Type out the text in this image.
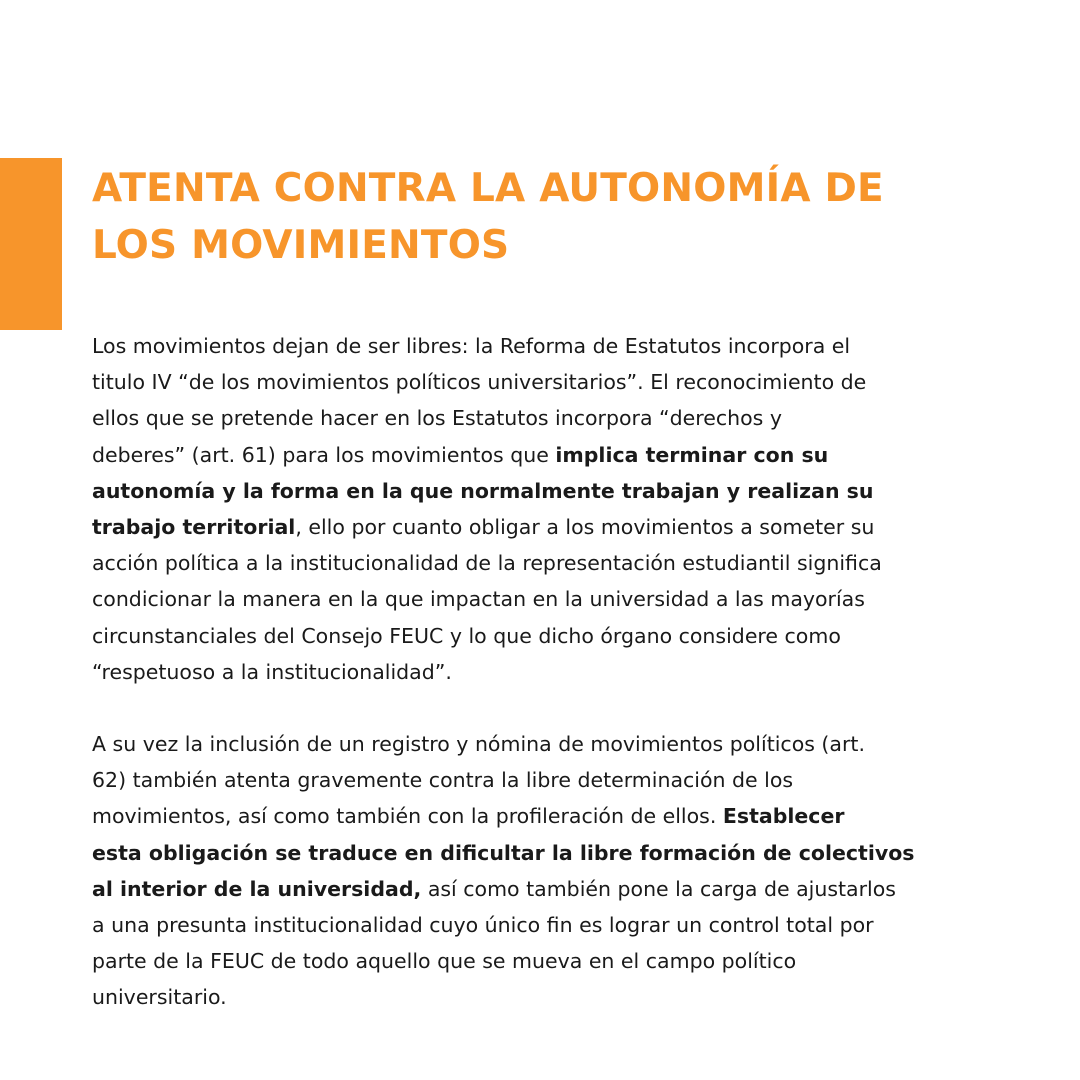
ATENTA CONTRA LA AUTONOMÍA DE
LOS MOVIMIENTOS

Los movimientos dejan de ser libres: la Reforma de Estatutos incorpora el
titulo IV “de los movimientos políticos universitarios”. El reconocimiento de
ellos que se pretende hacer en los Estatutos incorpora “derechos y
deberes” (art. 61) para los movimientos que implica terminar con su
autonomía y la forma en la que normalmente trabajan y realizan su
trabajo territorial, ello por cuanto obligar a los movimientos a someter su
acción política a la institucionalidad de la representación estudiantil significa
condicionar la manera en la que impactan en la universidad a las mayorías
circunstanciales del Consejo FEUC y lo que dicho órgano considere como
“respetuoso a la institucionalidad”.

A su vez la inclusión de un registro y nómina de movimientos políticos (art.
62) también atenta gravemente contra la libre determinación de los
movimientos, así como también con la profileración de ellos. Establecer
esta obligación se traduce en dificultar la libre formación de colectivos
al interior de la universidad, así como también pone la carga de ajustarlos
a una presunta institucionalidad cuyo único fin es lograr un control total por
parte de la FEUC de todo aquello que se mueva en el campo político
universitario.
